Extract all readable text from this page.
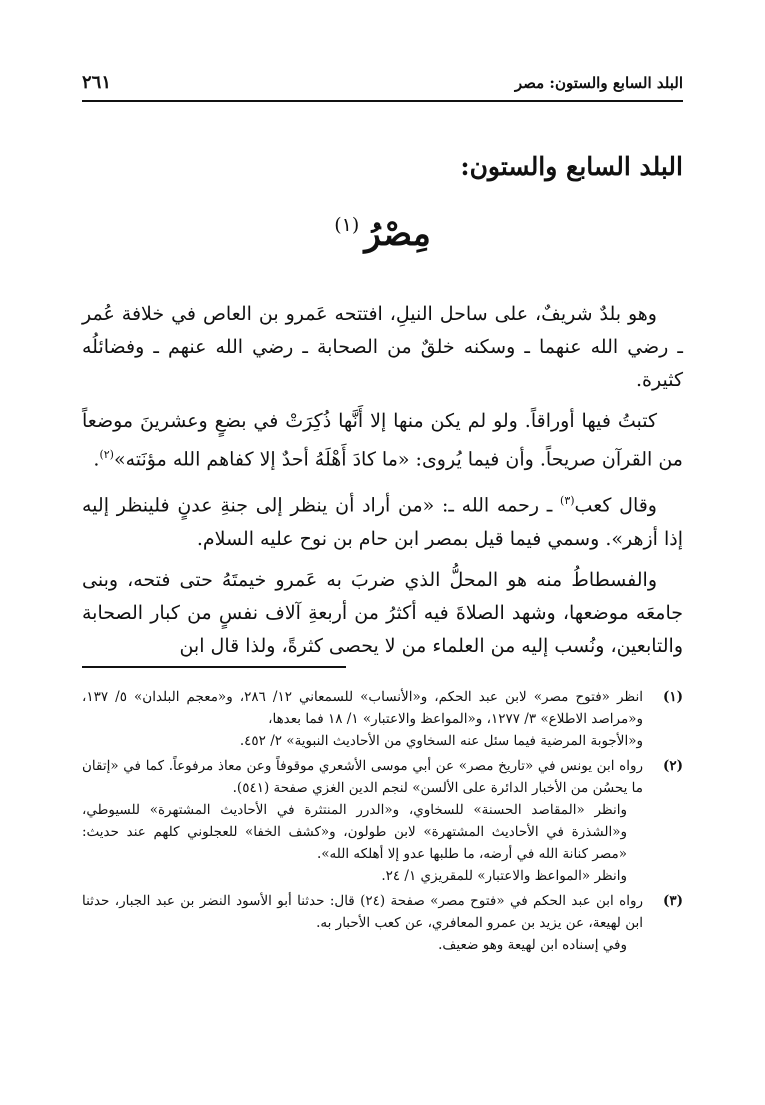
البلد السابع والستون: مصر
٢٦١
البلد السابع والستون:
مِصْرُ (١)

وهو بلدٌ شريفٌ، على ساحل النيلِ، افتتحه عَمرو بن العاص في خلافة عُمر ـ رضي الله عنهما ـ وسكنه خلقٌ من الصحابة ـ رضي الله عنهم ـ وفضائلُه كثيرة.

كتبتُ فيها أوراقاً. ولو لم يكن منها إلا أَنَّها ذُكِرَتْ في بضعٍ وعشرينَ موضعاً من القرآن صريحاً. وأن فيما يُروى: «ما كادَ أَهْلَهُ أحدٌ إلا كفاهم الله مؤنَته»$^{(٢)}$.

وقال كعب$^{(٣)}$ ـ رحمه الله ـ: «من أراد أن ينظر إلى جنةِ عدنٍ فلينظر إليه إذا أزهر». وسمي فيما قيل بمصر ابن حام بن نوح عليه السلام.

والفسطاطُ منه هو المحلُّ الذي ضربَ به عَمرو خيمتَهُ حتى فتحه، وبنى جامعَه موضعها، وشهد الصلاةَ فيه أكثرُ من أربعةِ آلاف نفسٍ من كبار الصحابة والتابعين، ونُسب إليه من العلماء من لا يحصى كثرةً، ولذا قال ابن

(١)
انظر «فتوح مصر» لابن عبد الحكم، و«الأنساب» للسمعاني ١٢/ ٢٨٦، و«معجم البلدان» ٥/ ١٣٧، و«مراصد الاطلاع» ٣/ ١٢٧٧، و«المواعظ والاعتبار» ١/ ١٨ فما بعدها،
و«الأجوبة المرضية فيما سئل عنه السخاوي من الأحاديث النبوية» ٢/ ٤٥٢.
(٢)
رواه ابن يونس في «تاريخ مصر» عن أبي موسى الأشعري موقوفاً وعن معاذ مرفوعاً. كما في «إتقان ما يحسُن من الأخبار الدائرة على الألسن» لنجم الدين الغزي صفحة (٥٤١).
وانظر «المقاصد الحسنة» للسخاوي، و«الدرر المنتثرة في الأحاديث المشتهرة» للسيوطي، و«الشذرة في الأحاديث المشتهرة» لابن طولون، و«كشف الخفا» للعجلوني كلهم عند حديث: «مصر كنانة الله في أرضه، ما طلبها عدو إلا أهلكه الله».
وانظر «المواعظ والاعتبار» للمقريزي ١/ ٢٤.
(٣)
رواه ابن عبد الحكم في «فتوح مصر» صفحة (٢٤) قال: حدثنا أبو الأسود النضر بن عبد الجبار، حدثنا ابن لهيعة، عن يزيد بن عمرو المعافري، عن كعب الأحبار به.
وفي إسناده ابن لهيعة وهو ضعيف.
